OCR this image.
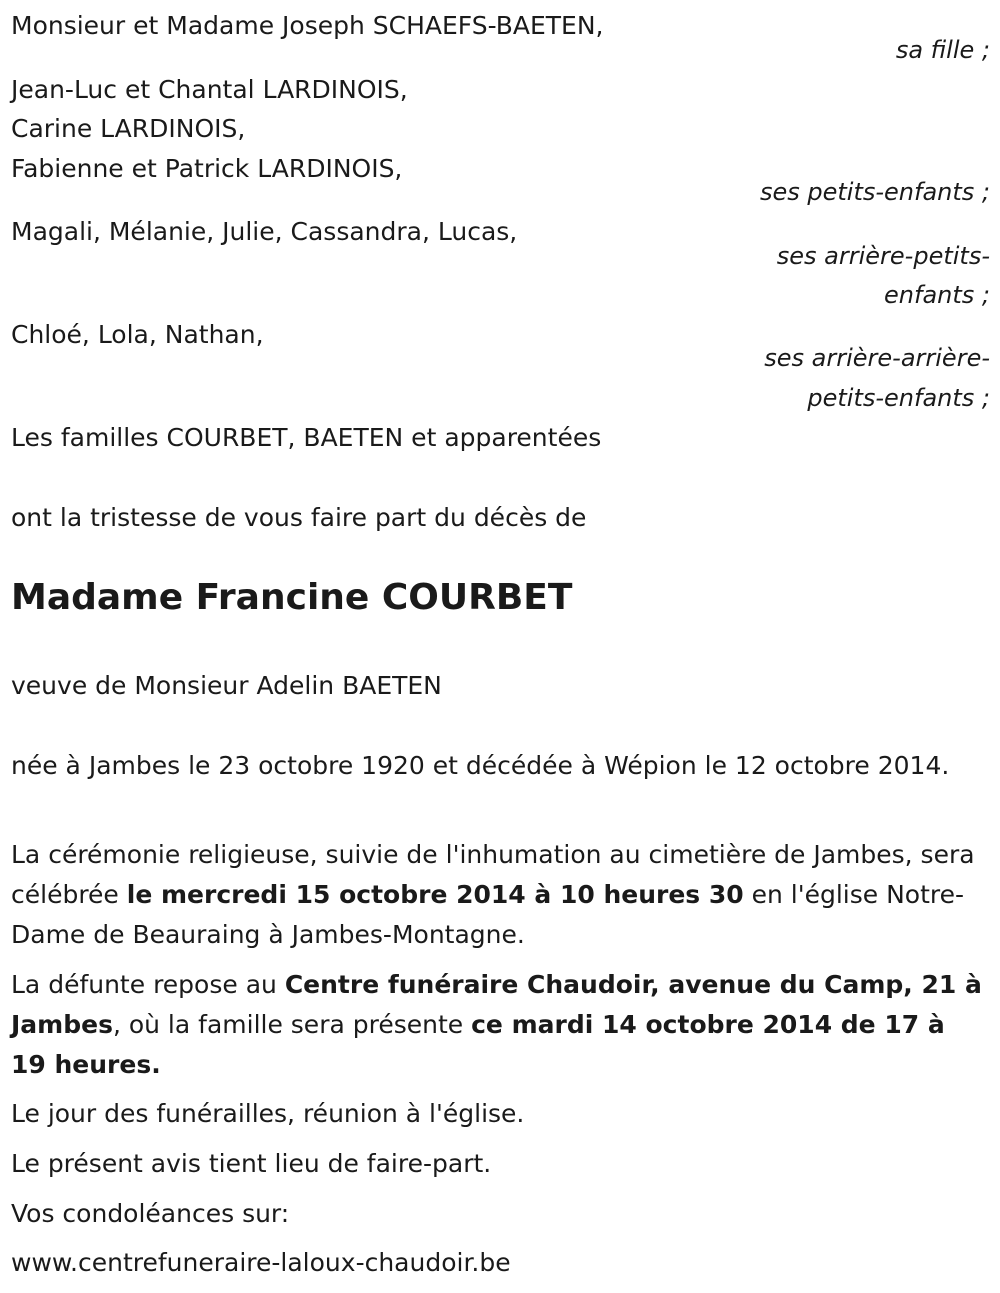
Monsieur et Madame Joseph SCHAEFS-BAETEN,
sa fille ;
Jean-Luc et Chantal LARDINOIS,
Carine LARDINOIS,
Fabienne et Patrick LARDINOIS,
ses petits-enfants ;
Magali, Mélanie, Julie, Cassandra, Lucas,
ses arrière-petits-
enfants ;
Chloé, Lola, Nathan,
ses arrière-arrière-
petits-enfants ;
Les familles COURBET, BAETEN et apparentées
ont la tristesse de vous faire part du décès de
Madame Francine COURBET
veuve de Monsieur Adelin BAETEN
née à Jambes le 23 octobre 1920 et décédée à Wépion le 12 octobre 2014.
La cérémonie religieuse, suivie de l'inhumation au cimetière de Jambes, sera célébrée le mercredi 15 octobre 2014 à 10 heures 30 en l'église Notre-Dame de Beauraing à Jambes-Montagne.
La défunte repose au Centre funéraire Chaudoir, avenue du Camp, 21 à Jambes, où la famille sera présente ce mardi 14 octobre 2014 de 17 à 19 heures.
Le jour des funérailles, réunion à l'église.
Le présent avis tient lieu de faire-part.
Vos condoléances sur:
www.centrefuneraire-laloux-chaudoir.be
